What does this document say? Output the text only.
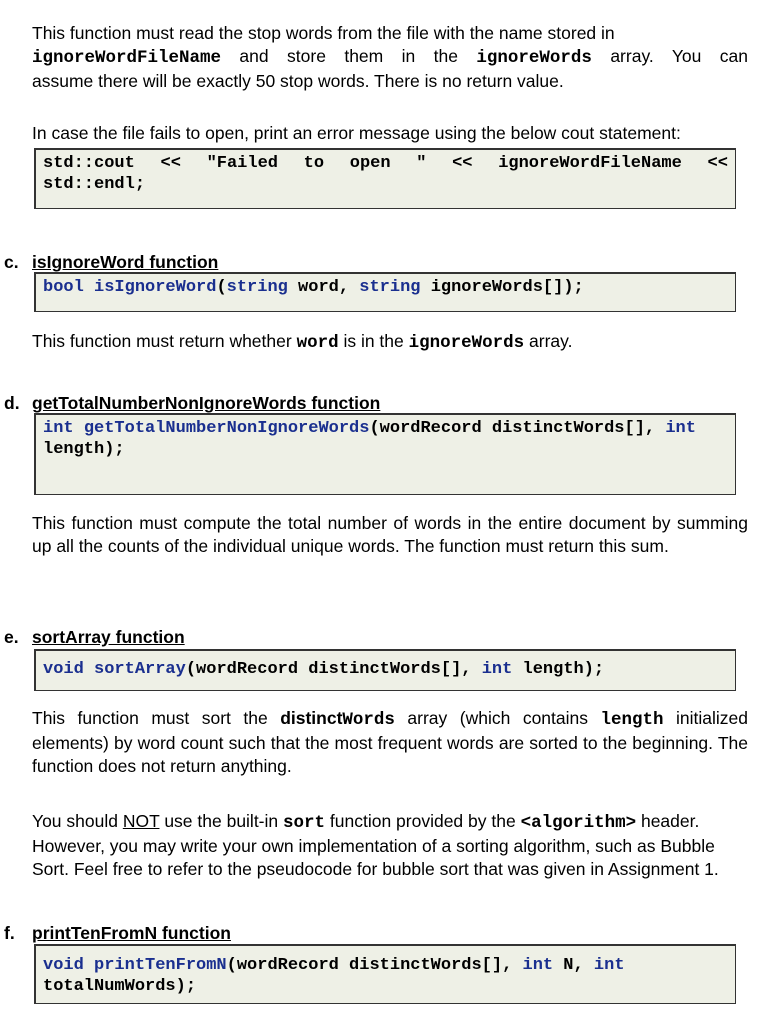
This function must read the stop words from the file with the name stored in
ignoreWordFileName and store them in the ignoreWords array. You can
assume there will be exactly 50 stop words. There is no return value.
In case the file fails to open, print an error message using the below cout statement:
std::cout << "Failed to open " << ignoreWordFileName <<
std::endl;
c. isIgnoreWord function
bool isIgnoreWord(string word, string ignoreWords[]);
This function must return whether word is in the ignoreWords array.
d. getTotalNumberNonIgnoreWords function
int getTotalNumberNonIgnoreWords(wordRecord distinctWords[], int
length);
This function must compute the total number of words in the entire document by summing up all the counts of the individual unique words. The function must return this sum.
e. sortArray function
void sortArray(wordRecord distinctWords[], int length);
This function must sort the distinctWords array (which contains length initialized elements) by word count such that the most frequent words are sorted to the beginning. The function does not return anything.
You should NOT use the built-in sort function provided by the <algorithm> header.
However, you may write your own implementation of a sorting algorithm, such as Bubble
Sort. Feel free to refer to the pseudocode for bubble sort that was given in Assignment 1.
f. printTenFromN function
void printTenFromN(wordRecord distinctWords[], int N, int
totalNumWords);
